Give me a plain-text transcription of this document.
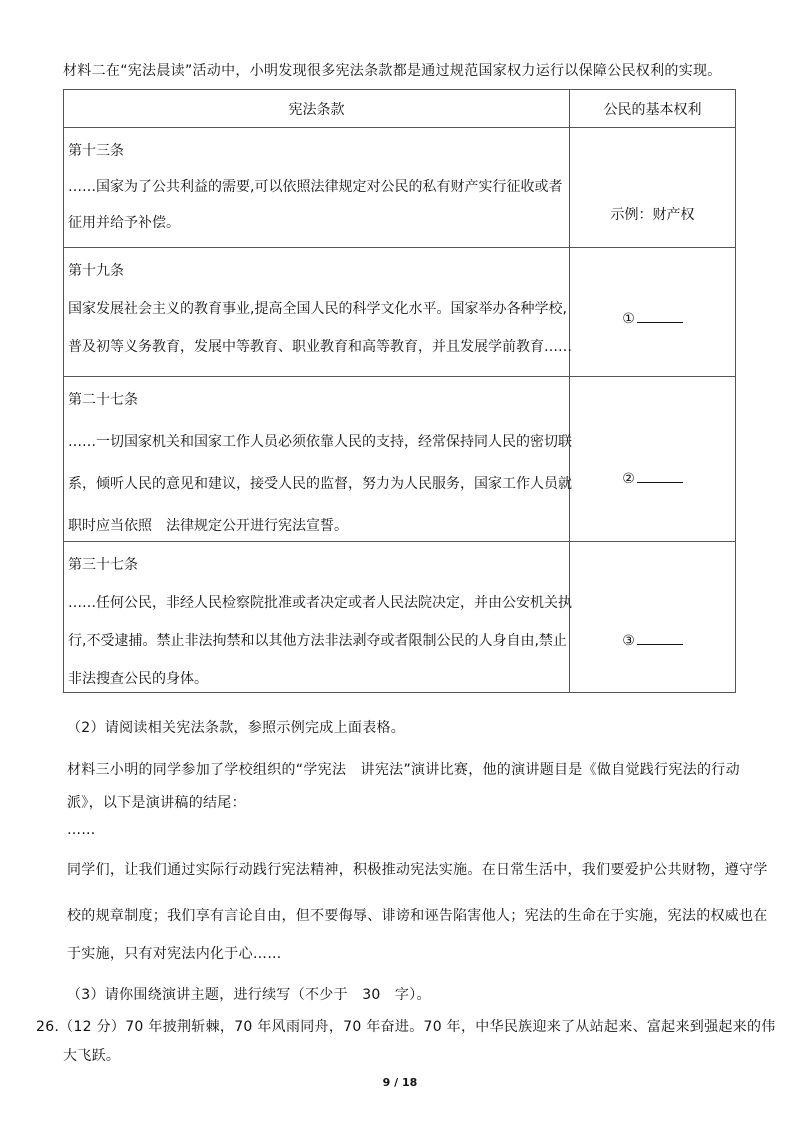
材料二在“宪法晨读”活动中，小明发现很多宪法条款都是通过规范国家权力运行以保障公民权利的实现。
宪法条款	公民的基本权利

第十三条
……国家为了公共利益的需要,可以依照法律规定对公民的私有财产实行征收或者
征用并给予补偿。	示例：财产权

第十九条
国家发展社会主义的教育事业,提高全国人民的科学文化水平。国家举办各种学校,
普及初等义务教育，发展中等教育、职业教育和高等教育，并且发展学前教育……	①

第二十七条
……一切国家机关和国家工作人员必须依靠人民的支持，经常保持同人民的密切联
系，倾听人民的意见和建议，接受人民的监督，努力为人民服务，国家工作人员就
职时应当依照　法律规定公开进行宪法宣誓。	②

第三十七条
……任何公民，非经人民检察院批准或者决定或者人民法院决定，并由公安机关执
行,不受逮捕。禁止非法拘禁和以其他方法非法剥夺或者限制公民的人身自由,禁止
非法搜查公民的身体。	③
（2）请阅读相关宪法条款，参照示例完成上面表格。
材料三小明的同学参加了学校组织的“学宪法　讲宪法”演讲比赛，他的演讲题目是《做自觉践行宪法的行动
派》，以下是演讲稿的结尾：
……
同学们，让我们通过实际行动践行宪法精神，积极推动宪法实施。在日常生活中，我们要爱护公共财物，遵守学
校的规章制度；我们享有言论自由，但不要侮辱、诽谤和诬告陷害他人；宪法的生命在于实施，宪法的权威也在
于实施，只有对宪法内化于心……
（3）请你围绕演讲主题，进行续写（不少于　30　字）。
26.（12 分）70 年披荆斩棘，70 年风雨同舟，70 年奋进。70 年，中华民族迎来了从站起来、富起来到强起来的伟
大飞跃。
9 / 18
